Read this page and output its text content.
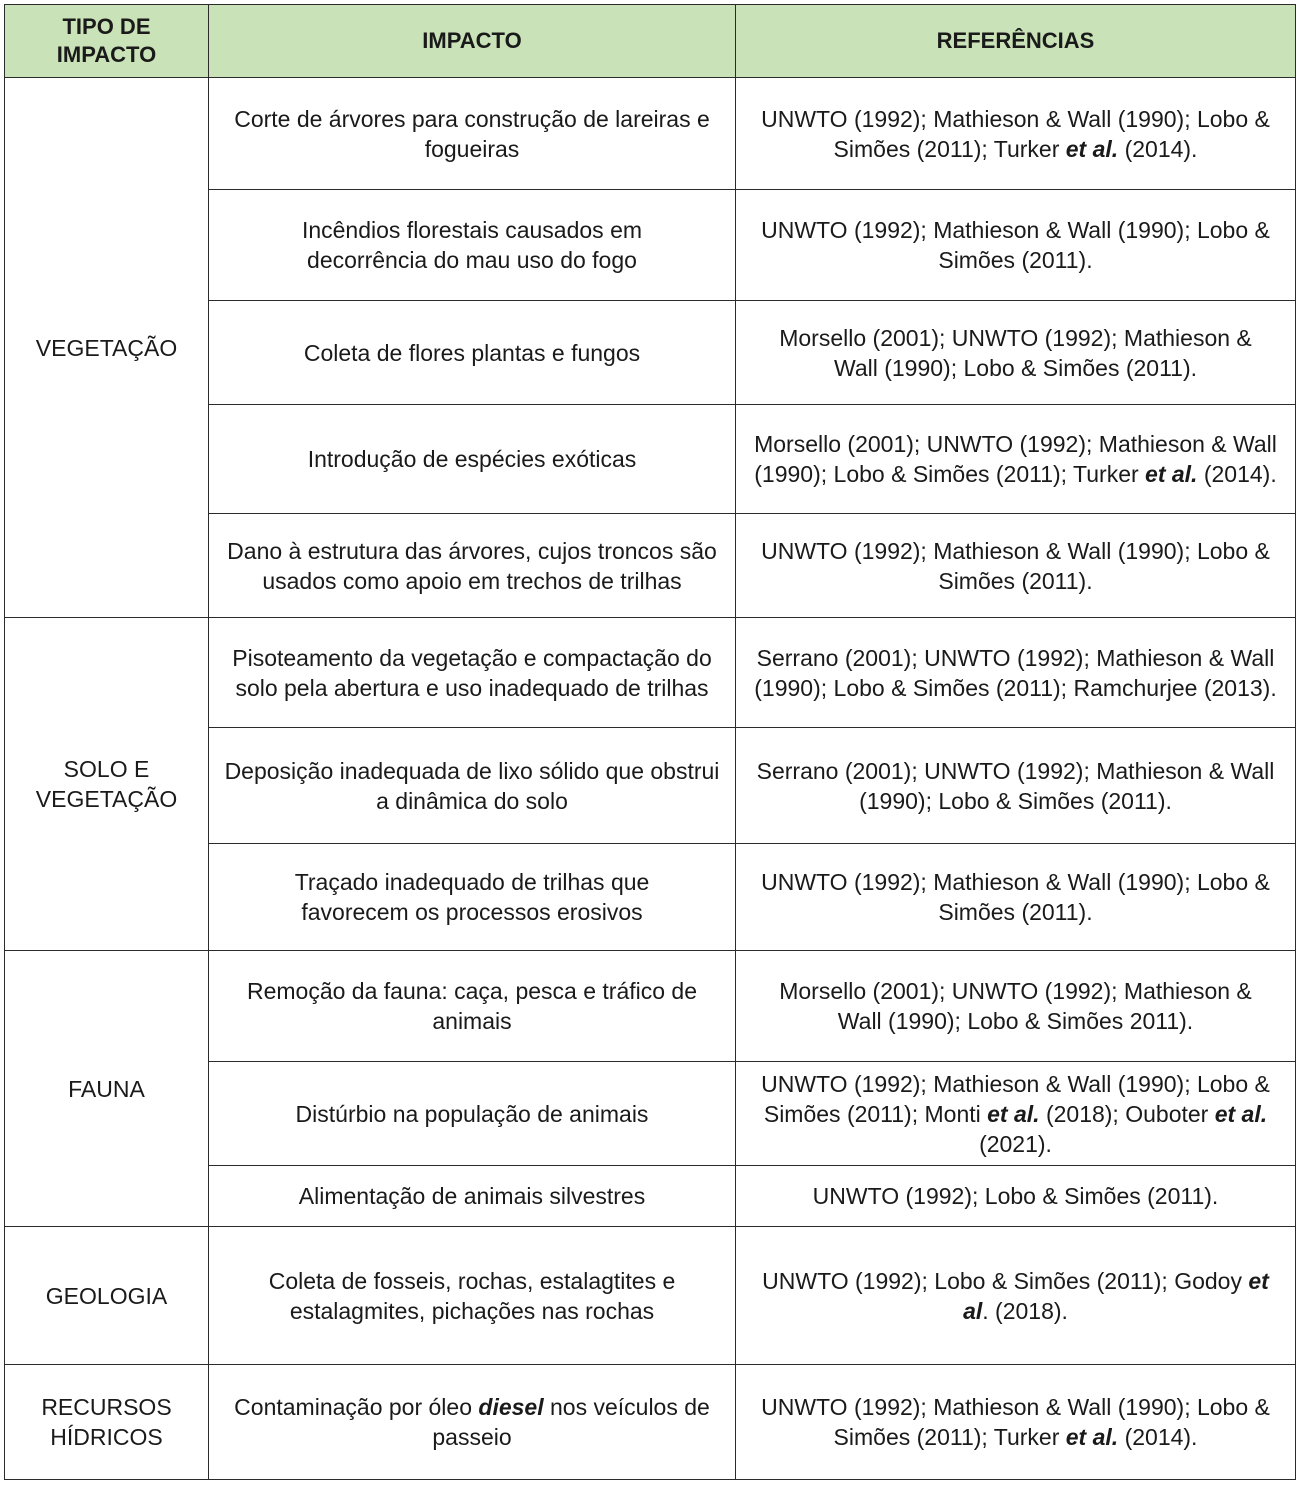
TIPO DE IMPACTO	IMPACTO	REFERÊNCIAS
VEGETAÇÃO	Corte de árvores para construção de lareiras e fogueiras	UNWTO (1992); Mathieson & Wall (1990); Lobo & Simões (2011); Turker et al. (2014).
	Incêndios florestais causados em decorrência do mau uso do fogo	UNWTO (1992); Mathieson & Wall (1990); Lobo & Simões (2011).
	Coleta de flores plantas e fungos	Morsello (2001); UNWTO (1992); Mathieson & Wall (1990); Lobo & Simões (2011).
	Introdução de espécies exóticas	Morsello (2001); UNWTO (1992); Mathieson & Wall (1990); Lobo & Simões (2011); Turker et al. (2014).
	Dano à estrutura das árvores, cujos troncos são usados como apoio em trechos de trilhas	UNWTO (1992); Mathieson & Wall (1990); Lobo & Simões (2011).
SOLO E VEGETAÇÃO	Pisoteamento da vegetação e compactação do solo pela abertura e uso inadequado de trilhas	Serrano (2001); UNWTO (1992); Mathieson & Wall (1990); Lobo & Simões (2011); Ramchurjee (2013).
	Deposição inadequada de lixo sólido que obstrui a dinâmica do solo	Serrano (2001); UNWTO (1992); Mathieson & Wall (1990); Lobo & Simões (2011).
	Traçado inadequado de trilhas que favorecem os processos erosivos	UNWTO (1992); Mathieson & Wall (1990); Lobo & Simões (2011).
FAUNA	Remoção da fauna: caça, pesca e tráfico de animais	Morsello (2001); UNWTO (1992); Mathieson & Wall (1990); Lobo & Simões 2011).
	Distúrbio na população de animais	UNWTO (1992); Mathieson & Wall (1990); Lobo & Simões (2011); Monti et al. (2018); Ouboter et al. (2021).
	Alimentação de animais silvestres	UNWTO (1992); Lobo & Simões (2011).
GEOLOGIA	Coleta de fosseis, rochas, estalagtites e estalagmites, pichações nas rochas	UNWTO (1992); Lobo & Simões (2011); Godoy et al. (2018).
RECURSOS HÍDRICOS	Contaminação por óleo diesel nos veículos de passeio	UNWTO (1992); Mathieson & Wall (1990); Lobo & Simões (2011); Turker et al. (2014).
